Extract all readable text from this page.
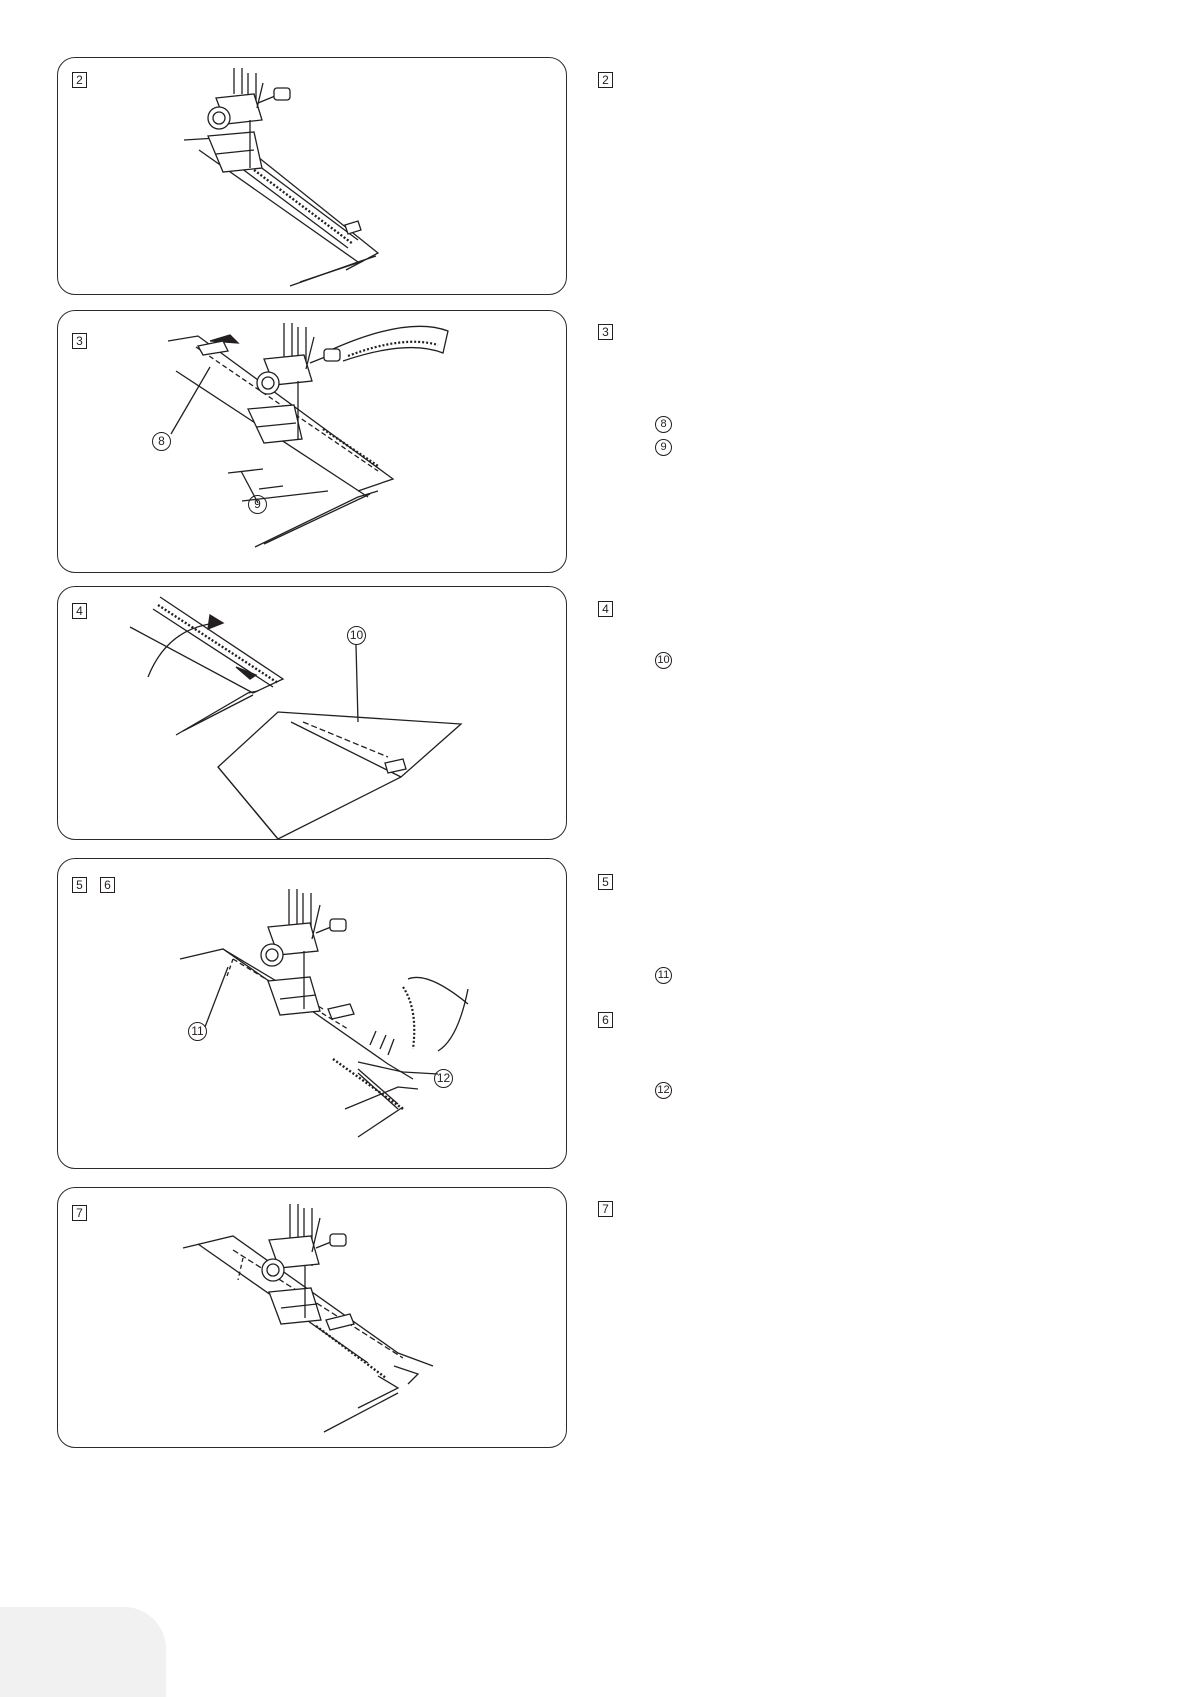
2
3
8
9
4
10
5	6
11
12
7
2
3
8
9
4
10
5
11
6
12
7
